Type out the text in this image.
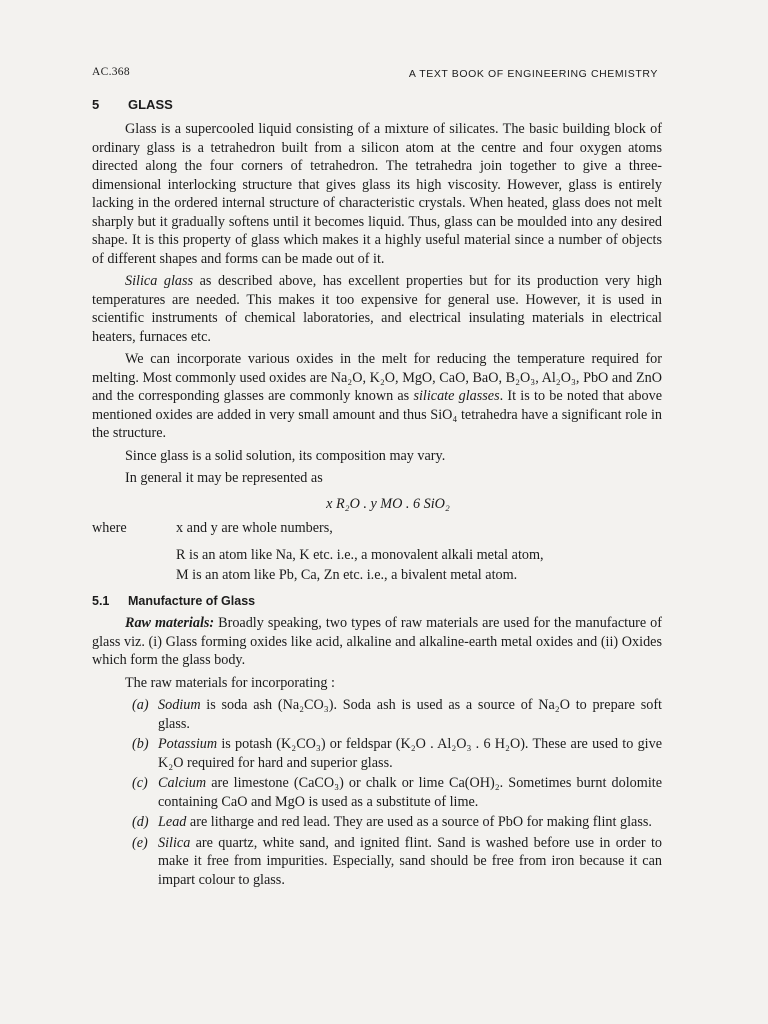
AC.368	A TEXT BOOK OF ENGINEERING CHEMISTRY
5 GLASS

Glass is a supercooled liquid consisting of a mixture of silicates. The basic building block of ordinary glass is a tetrahedron built from a silicon atom at the centre and four oxygen atoms directed along the four corners of tetrahedron. The tetrahedra join together to give a three-dimensional interlocking structure that gives glass its high viscosity. However, glass is entirely lacking in the ordered internal structure of characteristic crystals. When heated, glass does not melt sharply but it gradually softens until it becomes liquid. Thus, glass can be moulded into any desired shape. It is this property of glass which makes it a highly useful material since a number of objects of different shapes and forms can be made out of it.

Silica glass as described above, has excellent properties but for its production very high temperatures are needed. This makes it too expensive for general use. However, it is used in scientific instruments of chemical laboratories, and electrical insulating materials in electrical heaters, furnaces etc.

We can incorporate various oxides in the melt for reducing the temperature required for melting. Most commonly used oxides are Na₂O, K₂O, MgO, CaO, BaO, B₂O₃, Al₂O₃, PbO and ZnO and the corresponding glasses are commonly known as silicate glasses. It is to be noted that above mentioned oxides are added in very small amount and thus SiO₄ tetrahedra have a significant role in the structure.

Since glass is a solid solution, its composition may vary.

In general it may be represented as

x R₂O . y MO . 6 SiO₂
where	x and y are whole numbers,
R is an atom like Na, K etc. i.e., a monovalent alkali metal atom,
M is an atom like Pb, Ca, Zn etc. i.e., a bivalent metal atom.
5.1 Manufacture of Glass

Raw materials: Broadly speaking, two types of raw materials are used for the manufacture of glass viz. (i) Glass forming oxides like acid, alkaline and alkaline-earth metal oxides and (ii) Oxides which form the glass body.

The raw materials for incorporating :

(a) Sodium is soda ash (Na₂CO₃). Soda ash is used as a source of Na₂O to prepare soft glass.
(b) Potassium is potash (K₂CO₃) or feldspar (K₂O . Al₂O₃ . 6 H₂O). These are used to give K₂O required for hard and superior glass.
(c) Calcium are limestone (CaCO₃) or chalk or lime Ca(OH)₂. Sometimes burnt dolomite containing CaO and MgO is used as a substitute of lime.
(d) Lead are litharge and red lead. They are used as a source of PbO for making flint glass.
(e) Silica are quartz, white sand, and ignited flint. Sand is washed before use in order to make it free from impurities. Especially, sand should be free from iron because it can impart colour to glass.
